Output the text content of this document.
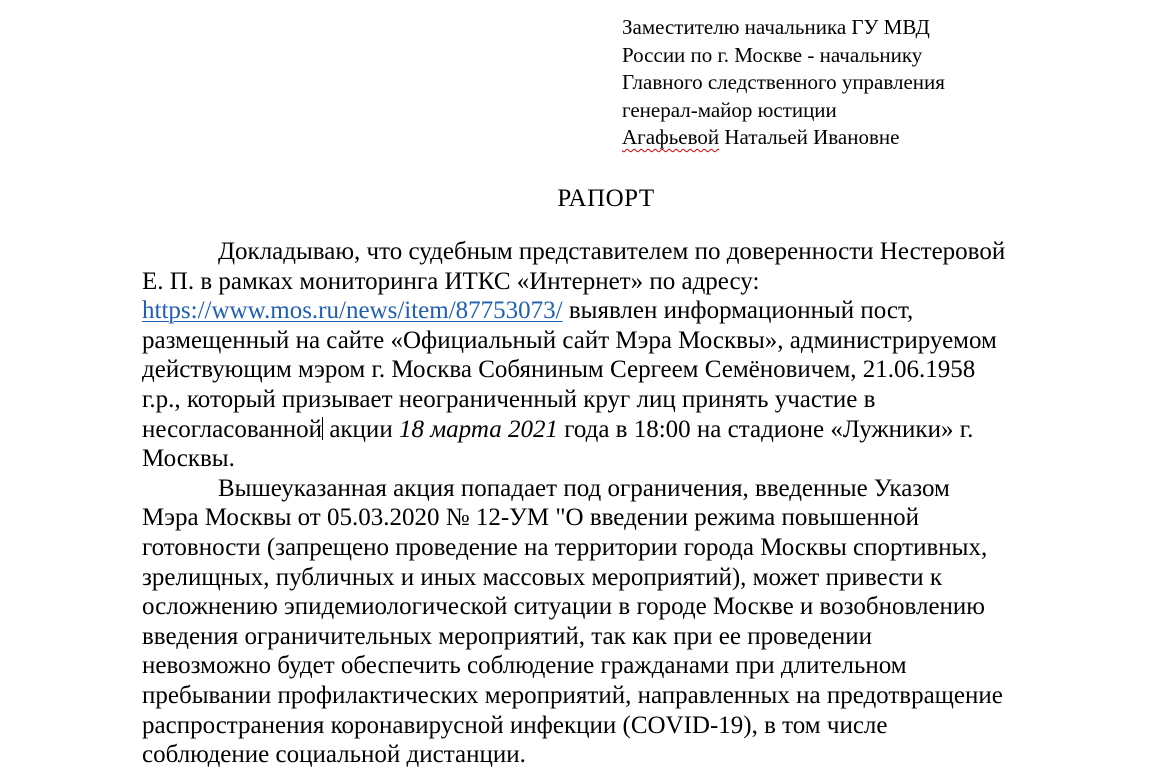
Заместителю начальника ГУ МВД
России по г. Москве - начальнику
Главного следственного управления
генерал-майор юстиции
Агафьевой Натальей Ивановне
РАПОРТ
Докладываю, что судебным представителем по доверенности Нестеровой
Е. П. в рамках мониторинга ИТКС «Интернет» по адресу:
https://www.mos.ru/news/item/87753073/ выявлен информационный пост,
размещенный на сайте «Официальный сайт Мэра Москвы», администрируемом
действующим мэром г. Москва Собяниным Сергеем Семёновичем, 21.06.1958
г.р., который призывает неограниченный круг лиц принять участие в
несогласованной акции 18 марта 2021 года в 18:00 на стадионе «Лужники» г.
Москвы.
Вышеуказанная акция попадает под ограничения, введенные Указом
Мэра Москвы от 05.03.2020 № 12-УМ "О введении режима повышенной
готовности (запрещено проведение на территории города Москвы спортивных,
зрелищных, публичных и иных массовых мероприятий), может привести к
осложнению эпидемиологической ситуации в городе Москве и возобновлению
введения ограничительных мероприятий, так как при ее проведении
невозможно будет обеспечить соблюдение гражданами при длительном
пребывании профилактических мероприятий, направленных на предотвращение
распространения коронавирусной инфекции (COVID-19), в том числе
соблюдение социальной дистанции.
